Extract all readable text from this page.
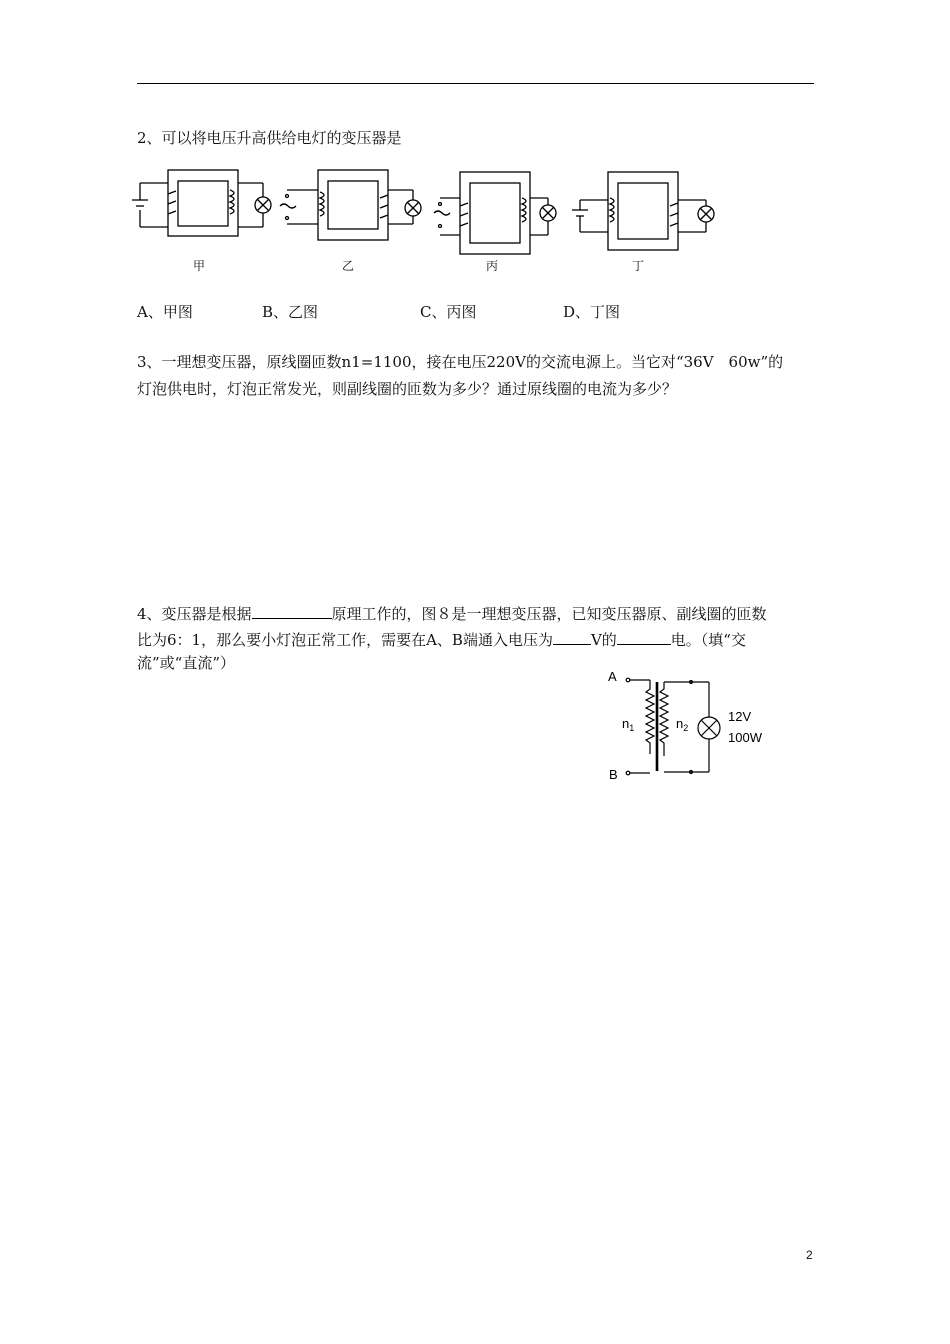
2、可以将电压升高供给电灯的变压器是
甲	乙	丙	丁
A、甲图	B、乙图	C、丙图	D、丁图
3、一理想变压器，原线圈匝数n1=1100，接在电压220V的交流电源上。当它对“36V　60w”的
灯泡供电时，灯泡正常发光，则副线圈的匝数为多少？通过原线圈的电流为多少？
4、变压器是根据	原理工作的，图８是一理想变压器，已知变压器原、副线圈的匝数
比为6：1，那么要小灯泡正常工作，需要在A、B端通入电压为	V的	电。（填“交
流”或“直流”）
A
B
$n_1$	$n_2$
12V
100W
2
